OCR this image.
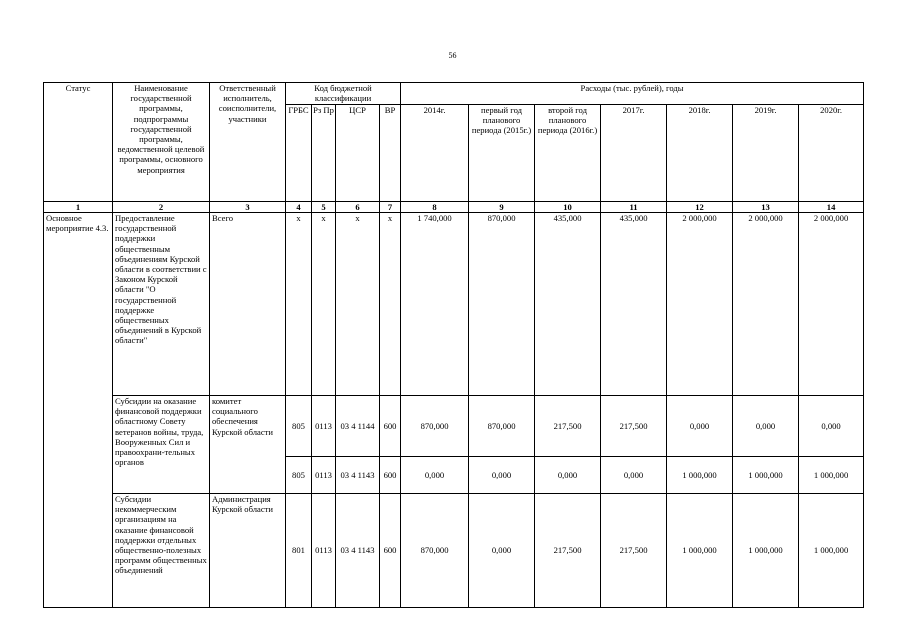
56
Статус	Наименование государственной программы, подпрограммы государственной программы, ведомственной целевой программы, основного мероприятия	Ответственный исполнитель, соисполнители, участники	Код бюджетной классификации				Расходы (тыс. рублей), годы						
			ГРБС	Рз Пр	ЦСР	ВР	2014г.	первый год планового периода (2015г.)	второй год планового периода (2016г.)	2017г.	2018г.	2019г.	2020г.
1	2	3	4	5	6	7	8	9	10	11	12	13	14
Основное мероприятие 4.3.	Предоставление государственной поддержки общественным объединениям Курской области в соответствии с Законом Курской области "О государственной поддержке общественных объединений в Курской области"	Всего	х	х	х	х	1 740,000	870,000	435,000	435,000	2 000,000	2 000,000	2 000,000
	Субсидии на оказание финансовой поддержки областному Совету ветеранов войны, труда, Вооруженных Сил и правоохрани-тельных органов	комитет социального обеспечения Курской области	805	0113	03 4 1144	600	870,000	870,000	217,500	217,500	0,000	0,000	0,000
			805	0113	03 4 1143	600	0,000	0,000	0,000	0,000	1 000,000	1 000,000	1 000,000
	Субсидии некоммерческим организациям на оказание финансовой поддержки отдельных общественно-полезных программ общественных объединений	Администрация Курской области	801	0113	03 4 1143	600	870,000	0,000	217,500	217,500	1 000,000	1 000,000	1 000,000
